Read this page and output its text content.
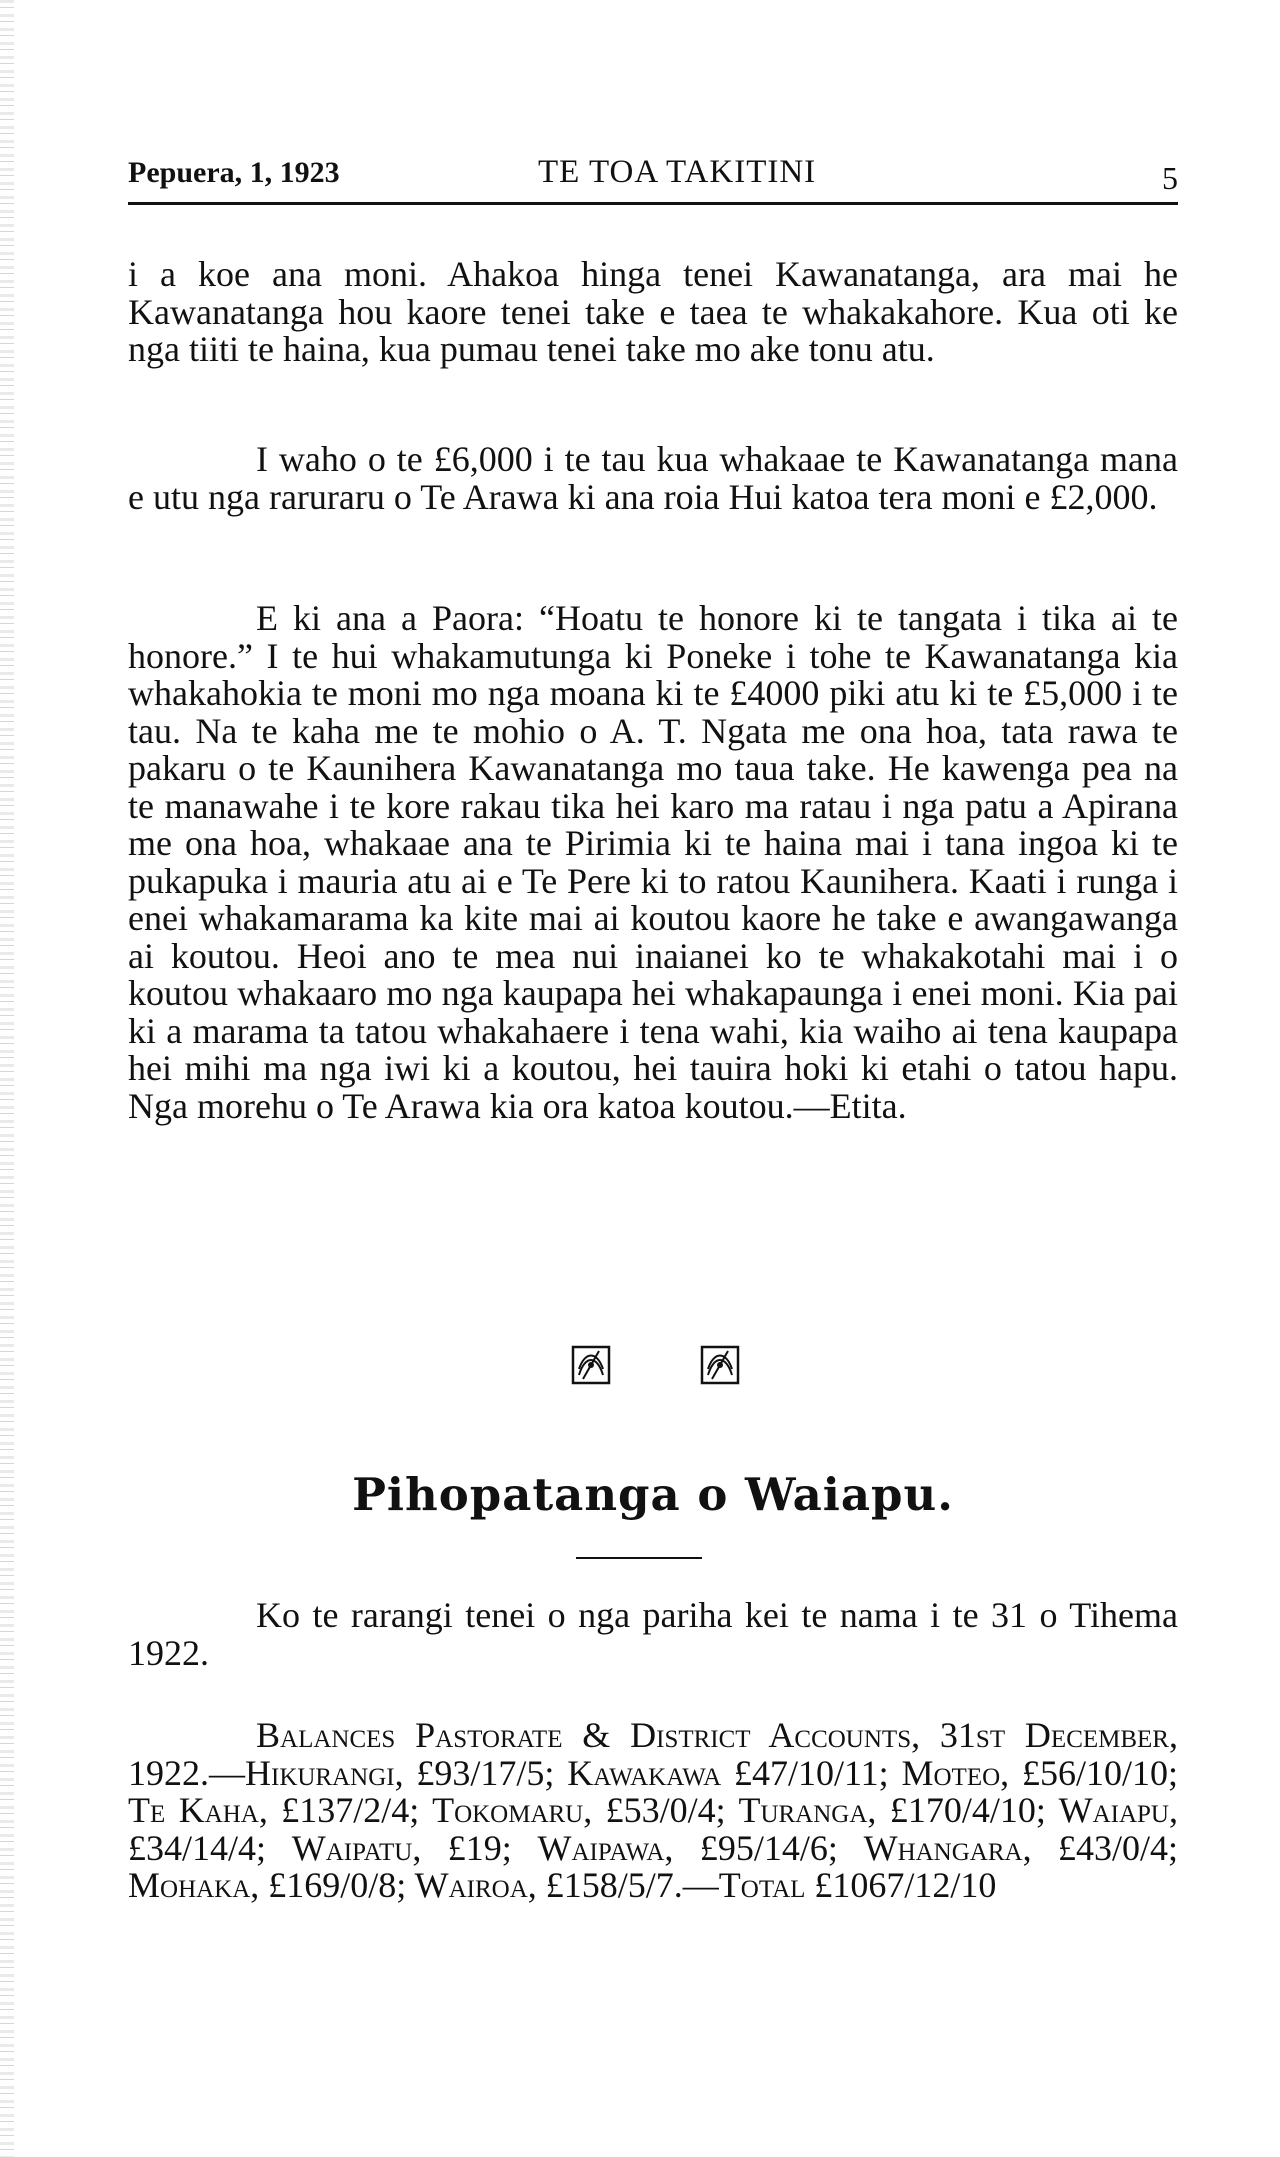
Pepuera, 1, 1923	TE TOA TAKITINI	5

i a koe ana moni. Ahakoa hinga tenei Kawanatanga, ara mai he Kawanatanga hou kaore tenei take e taea te whakakahore. Kua oti ke nga tiiti te haina, kua pumau tenei take mo ake tonu atu.

I waho o te £6,000 i te tau kua whakaae te Kawanatanga mana e utu nga raruraru o Te Arawa ki ana roia Hui katoa tera moni e £2,000.

E ki ana a Paora: “Hoatu te honore ki te tangata i tika ai te honore.” I te hui whakamutunga ki Poneke i tohe te Kawanatanga kia whakahokia te moni mo nga moana ki te £4000 piki atu ki te £5,000 i te tau. Na te kaha me te mohio o A. T. Ngata me ona hoa, tata rawa te pakaru o te Kaunihera Kawanatanga mo taua take. He kawenga pea na te manawahe i te kore rakau tika hei karo ma ratau i nga patu a Apirana me ona hoa, whakaae ana te Pirimia ki te haina mai i tana ingoa ki te pukapuka i mauria atu ai e Te Pere ki to ratou Kaunihera. Kaati i runga i enei whakamarama ka kite mai ai koutou kaore he take e awangawanga ai koutou. Heoi ano te mea nui inaianei ko te whakakotahi mai i o koutou whakaaro mo nga kaupapa hei whakapaunga i enei moni. Kia pai ki a marama ta tatou whakahaere i tena wahi, kia waiho ai tena kaupapa hei mihi ma nga iwi ki a koutou, hei tauira hoki ki etahi o tatou hapu. Nga morehu o Te Arawa kia ora katoa koutou.—Etita.

Pihopatanga o Waiapu.

Ko te rarangi tenei o nga pariha kei te nama i te 31 o Tihema 1922.

Balances Pastorate & District Accounts, 31st December, 1922.—Hikurangi, £93/17/5; Kawakawa £47/10/11; Moteo, £56/10/10; Te Kaha, £137/2/4; Tokomaru, £53/0/4; Turanga, £170/4/10; Waiapu, £34/14/4; Waipatu, £19; Waipawa, £95/14/6; Whangara, £43/0/4; Mohaka, £169/0/8; Wairoa, £158/5/7.—Total £1067/12/10
